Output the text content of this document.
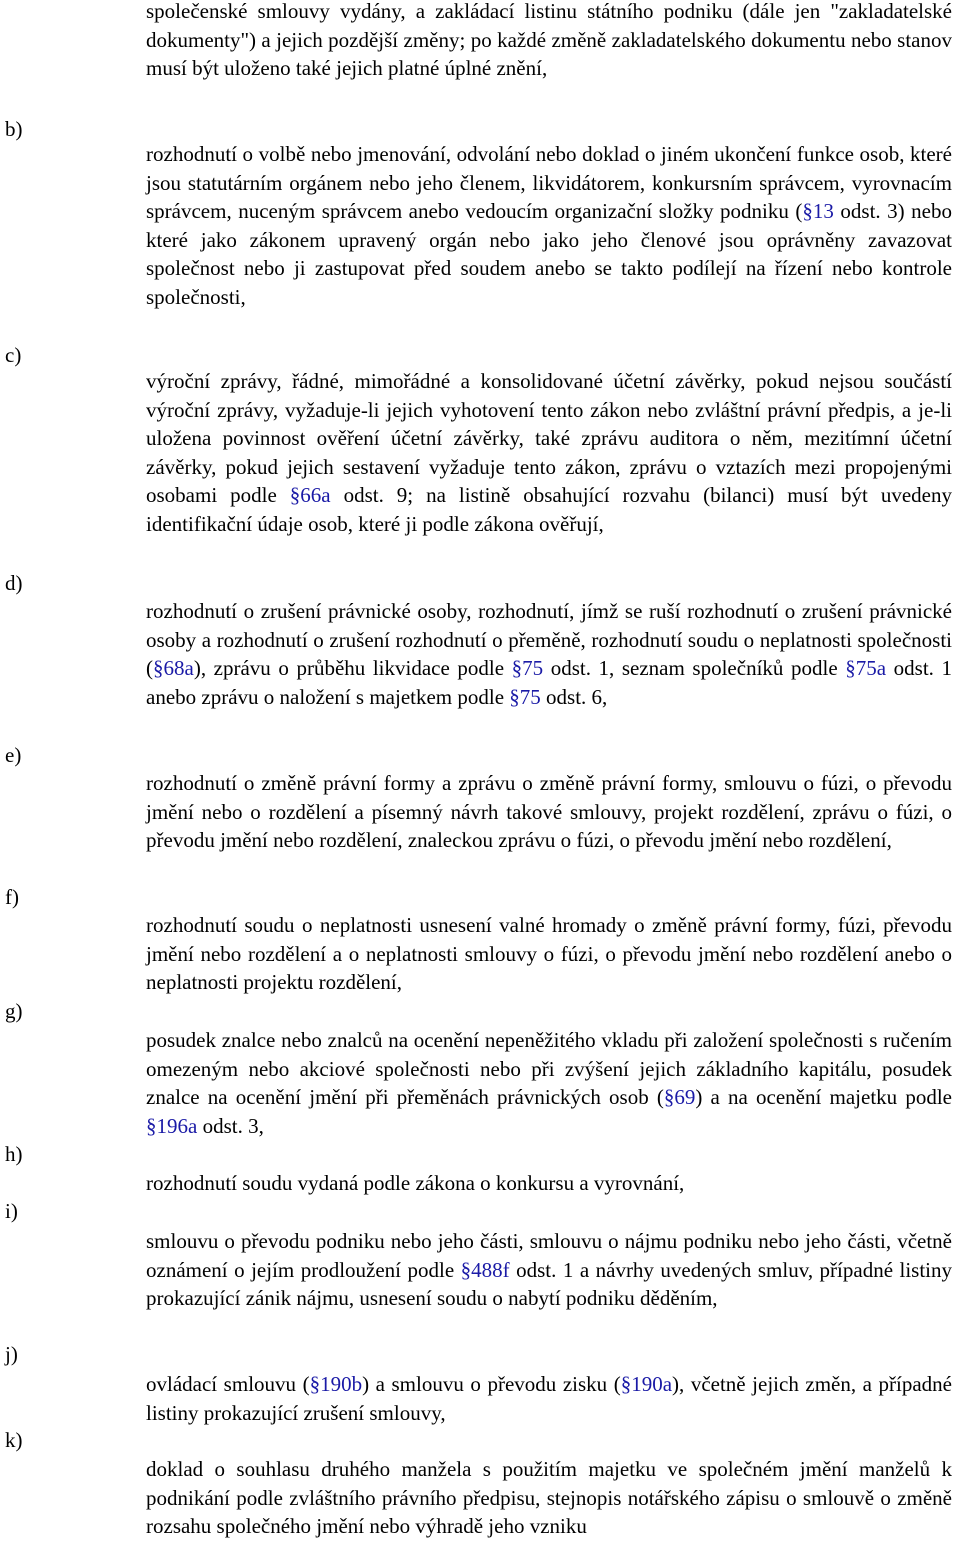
b)
c)
d)
e)
f)
g)
h)
i)
j)
k)

společenské smlouvy vydány, a zakládací listinu státního podniku (dále jen "zakladatelské dokumenty") a jejich pozdější změny; po každé změně zakladatelského dokumentu nebo stanov musí být uloženo také jejich platné úplné znění,

rozhodnutí o volbě nebo jmenování, odvolání nebo doklad o jiném ukončení funkce osob, které jsou statutárním orgánem nebo jeho členem, likvidátorem, konkursním správcem, vyrovnacím správcem, nuceným správcem anebo vedoucím organizační složky podniku (§13 odst. 3) nebo které jako zákonem upravený orgán nebo jako jeho členové jsou oprávněny zavazovat společnost nebo ji zastupovat před soudem anebo se takto podílejí na řízení nebo kontrole společnosti,

výroční zprávy, řádné, mimořádné a konsolidované účetní závěrky, pokud nejsou součástí výroční zprávy, vyžaduje-li jejich vyhotovení tento zákon nebo zvláštní právní předpis, a je-li uložena povinnost ověření účetní závěrky, také zprávu auditora o něm, mezitímní účetní závěrky, pokud jejich sestavení vyžaduje tento zákon, zprávu o vztazích mezi propojenými osobami podle §66a odst. 9; na listině obsahující rozvahu (bilanci) musí být uvedeny identifikační údaje osob, které ji podle zákona ověřují,

rozhodnutí o zrušení právnické osoby, rozhodnutí, jímž se ruší rozhodnutí o zrušení právnické osoby a rozhodnutí o zrušení rozhodnutí o přeměně, rozhodnutí soudu o neplatnosti společnosti (§68a), zprávu o průběhu likvidace podle §75 odst. 1, seznam společníků podle §75a odst. 1 anebo zprávu o naložení s majetkem podle §75 odst. 6,

rozhodnutí o změně právní formy a zprávu o změně právní formy, smlouvu o fúzi, o převodu jmění nebo o rozdělení a písemný návrh takové smlouvy, projekt rozdělení, zprávu o fúzi, o převodu jmění nebo rozdělení, znaleckou zprávu o fúzi, o převodu jmění nebo rozdělení,

rozhodnutí soudu o neplatnosti usnesení valné hromady o změně právní formy, fúzi, převodu jmění nebo rozdělení a o neplatnosti smlouvy o fúzi, o převodu jmění nebo rozdělení anebo o neplatnosti projektu rozdělení,

posudek znalce nebo znalců na ocenění nepeněžitého vkladu při založení společnosti s ručením omezeným nebo akciové společnosti nebo při zvýšení jejich základního kapitálu, posudek znalce na ocenění jmění při přeměnách právnických osob (§69) a na ocenění majetku podle §196a odst. 3,

rozhodnutí soudu vydaná podle zákona o konkursu a vyrovnání,

smlouvu o převodu podniku nebo jeho části, smlouvu o nájmu podniku nebo jeho části, včetně oznámení o jejím prodloužení podle §488f odst. 1 a návrhy uvedených smluv, případné listiny prokazující zánik nájmu, usnesení soudu o nabytí podniku děděním,

ovládací smlouvu (§190b) a smlouvu o převodu zisku (§190a), včetně jejich změn, a případné listiny prokazující zrušení smlouvy,

doklad o souhlasu druhého manžela s použitím majetku ve společném jmění manželů k podnikání podle zvláštního právního předpisu, stejnopis notářského zápisu o smlouvě o změně rozsahu společného jmění nebo výhradě jeho vzniku
